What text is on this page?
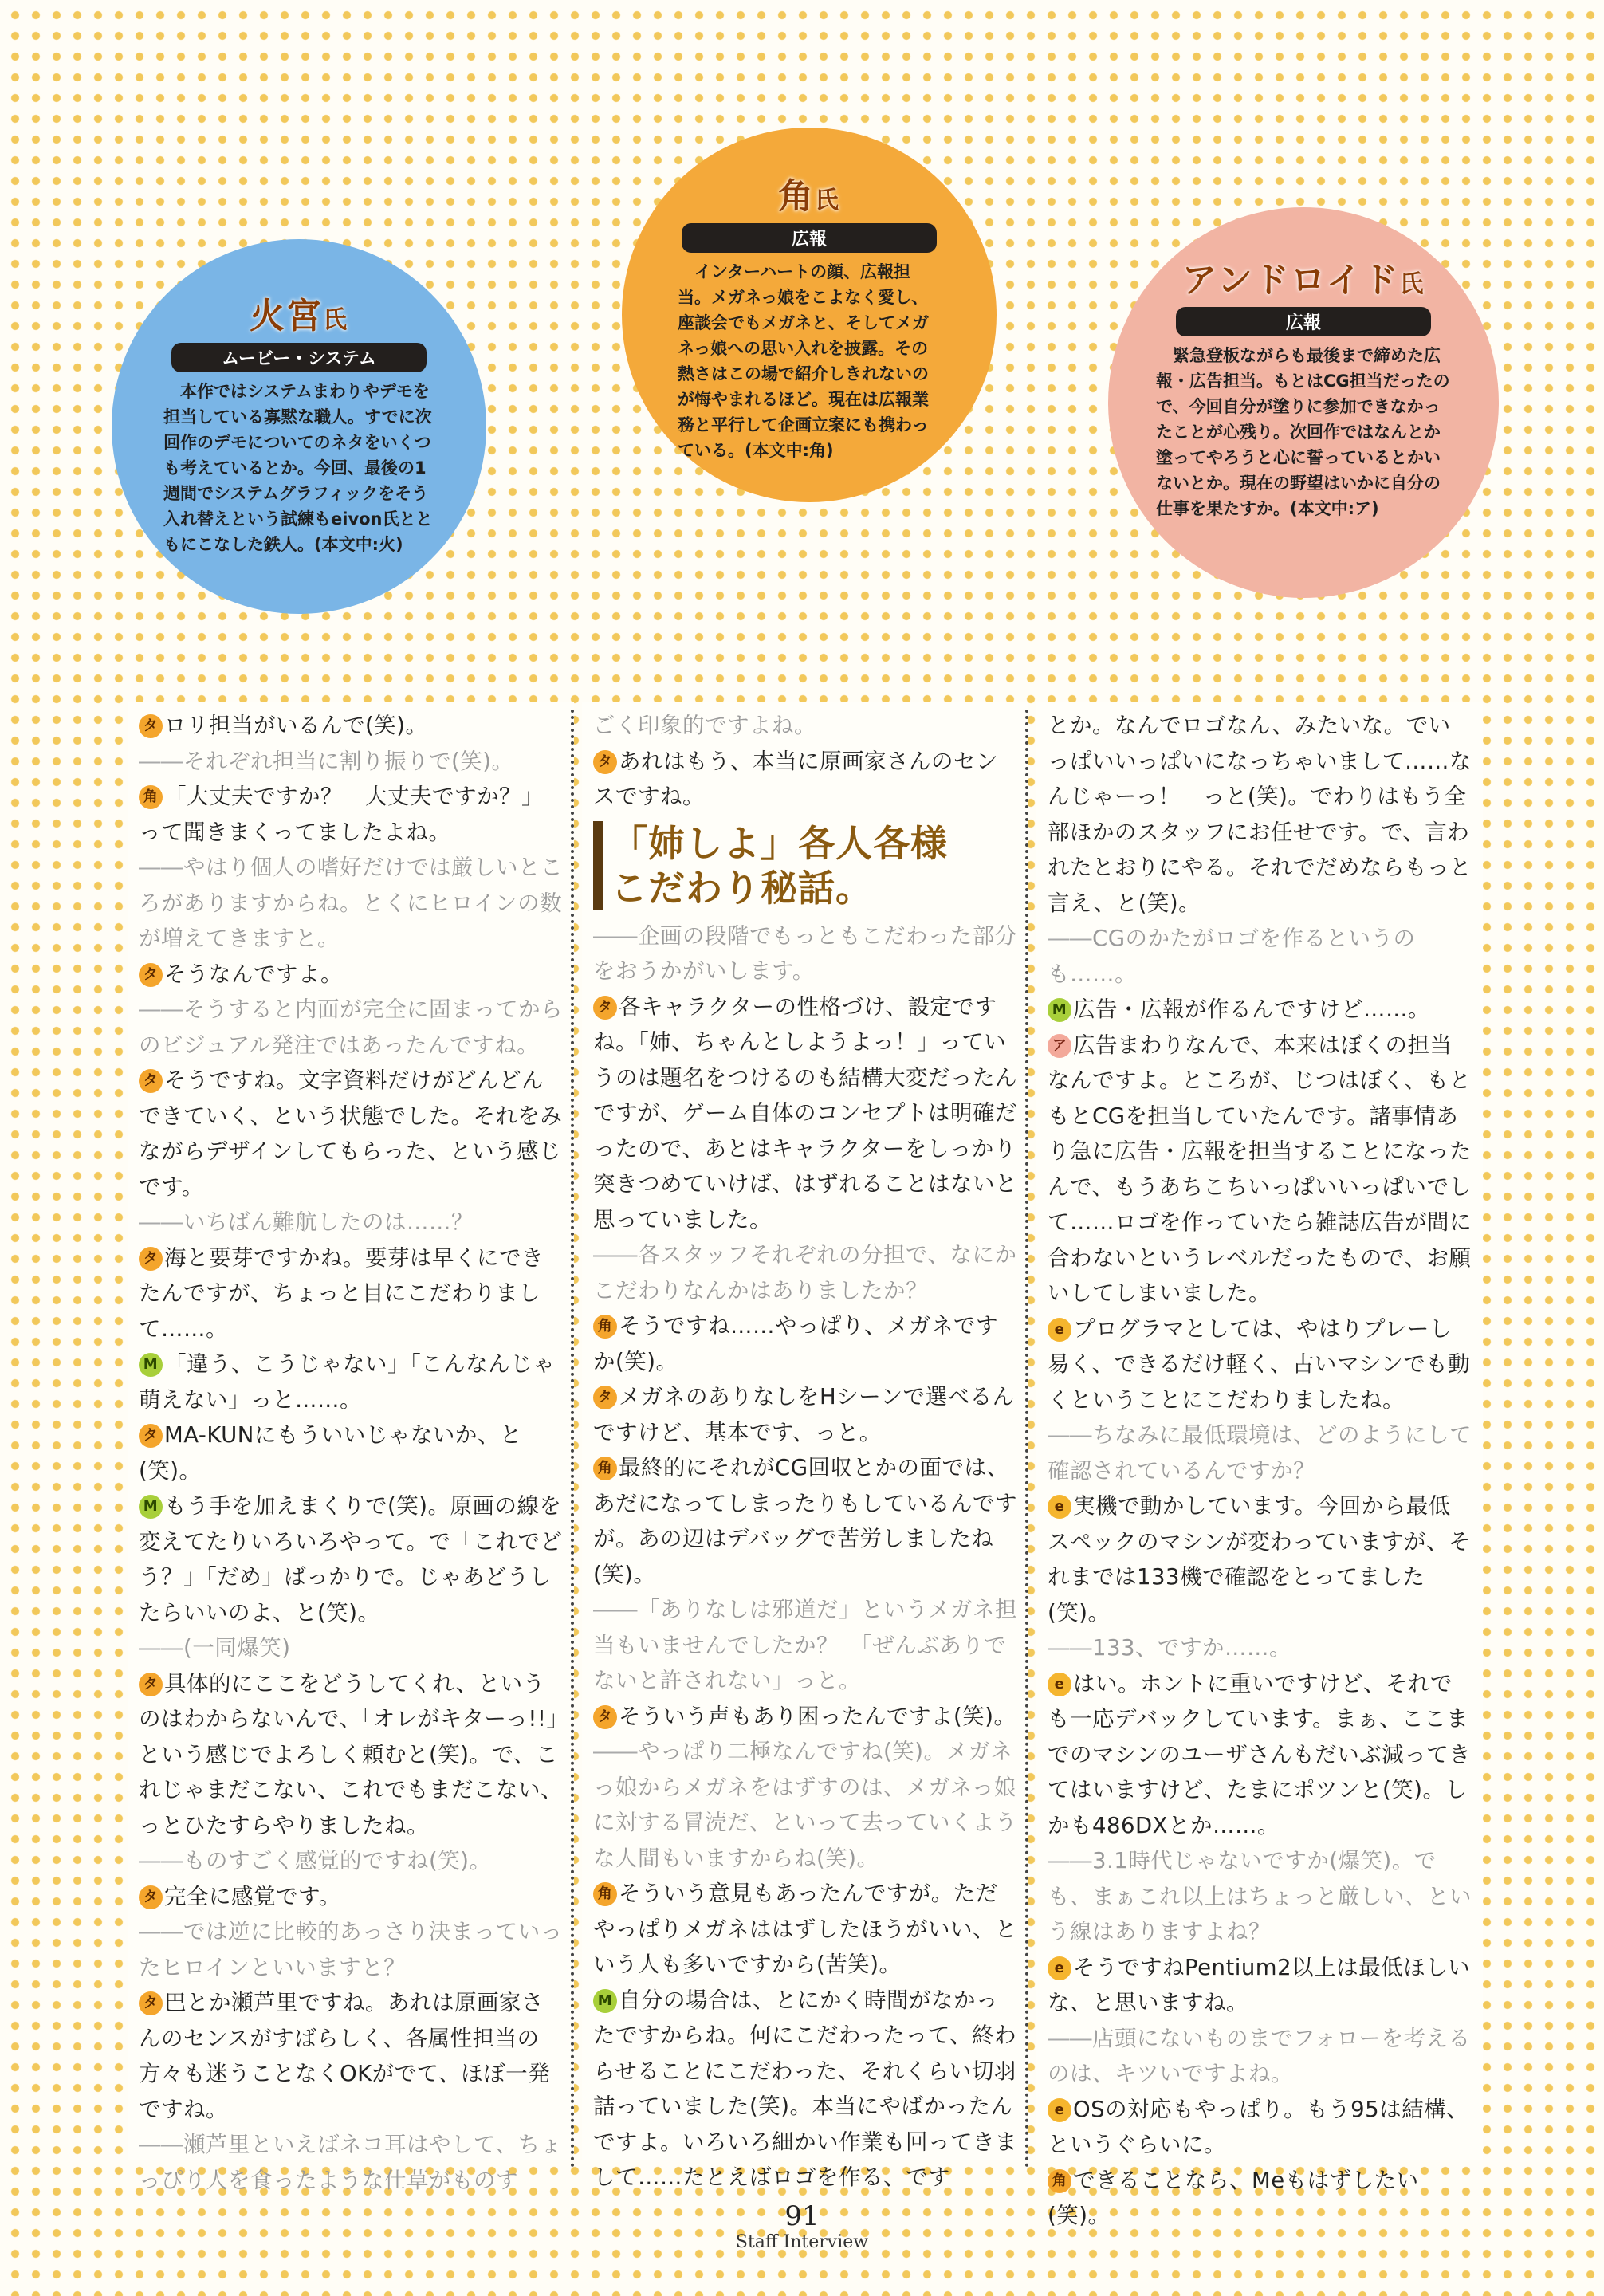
火宮氏
ムービー・システム
本作ではシステムまわりやデモを担当している寡黙な職人。すでに次回作のデモについてのネタをいくつも考えているとか。今回、最後の1週間でシステムグラフィックをそう入れ替えという試練もeivon氏とともにこなした鉄人。(本文中:火)
角氏
広報
インターハートの顔、広報担当。メガネっ娘をこよなく愛し、座談会でもメガネと、そしてメガネっ娘への思い入れを披露。その熱さはこの場で紹介しきれないのが悔やまれるほど。現在は広報業務と平行して企画立案にも携わっている。(本文中:角)
アンドロイド氏
広報
緊急登板ながらも最後まで締めた広報・広告担当。もとはCG担当だったので、今回自分が塗りに参加できなかったことが心残り。次回作ではなんとか塗ってやろうと心に誓っているとかいないとか。現在の野望はいかに自分の仕事を果たすか。(本文中:ア)

タ ロリ担当がいるんで(笑)。

――それぞれ担当に割り振りで(笑)。

角 「大丈夫ですか？　大丈夫ですか？」って聞きまくってましたよね。

――やはり個人の嗜好だけでは厳しいところがありますからね。とくにヒロインの数が増えてきますと。

タ そうなんですよ。

――そうすると内面が完全に固まってからのビジュアル発注ではあったんですね。

タ そうですね。文字資料だけがどんどんできていく、という状態でした。それをみながらデザインしてもらった、という感じです。

――いちばん難航したのは……？

タ 海と要芽ですかね。要芽は早くにできたんですが、ちょっと目にこだわりまして……。

M 「違う、こうじゃない」「こんなんじゃ萌えない」っと……。

タ MA-KUNにもういいじゃないか、と(笑)。

M もう手を加えまくりで(笑)。原画の線を変えてたりいろいろやって。で「これでどう？」「だめ」ばっかりで。じゃあどうしたらいいのよ、と(笑)。

――(一同爆笑)

タ 具体的にここをどうしてくれ、というのはわからないんで、「オレがキターっ!!」という感じでよろしく頼むと(笑)。で、これじゃまだこない、これでもまだこない、っとひたすらやりましたね。

――ものすごく感覚的ですね(笑)。

タ 完全に感覚です。

――では逆に比較的あっさり決まっていったヒロインといいますと？

タ 巴とか瀬芦里ですね。あれは原画家さんのセンスがすばらしく、各属性担当の方々も迷うことなくOKがでて、ほぼ一発ですね。

――瀬芦里といえばネコ耳はやして、ちょっぴり人を食ったような仕草がものす

ごく印象的ですよね。

タ あれはもう、本当に原画家さんのセンスですね。

「姉しよ」各人各様
こだわり秘話。

――企画の段階でもっともこだわった部分をおうかがいします。

タ 各キャラクターの性格づけ、設定ですね。「姉、ちゃんとしようよっ！」っていうのは題名をつけるのも結構大変だったんですが、ゲーム自体のコンセプトは明確だったので、あとはキャラクターをしっかり突きつめていけば、はずれることはないと思っていました。

――各スタッフそれぞれの分担で、なにかこだわりなんかはありましたか？

角 そうですね……やっぱり、メガネですか(笑)。

タ メガネのありなしをHシーンで選べるんですけど、基本です、っと。

角 最終的にそれがCG回収とかの面では、あだになってしまったりもしているんですが。あの辺はデバッグで苦労しましたね(笑)。

――「ありなしは邪道だ」というメガネ担当もいませんでしたか？　「ぜんぶありでないと許されない」っと。

タ そういう声もあり困ったんですよ(笑)。

――やっぱり二極なんですね(笑)。メガネっ娘からメガネをはずすのは、メガネっ娘に対する冒涜だ、といって去っていくような人間もいますからね(笑)。

角 そういう意見もあったんですが。ただやっぱりメガネははずしたほうがいい、という人も多いですから(苦笑)。

M 自分の場合は、とにかく時間がなかったですからね。何にこだわったって、終わらせることにこだわった、それくらい切羽詰っていました(笑)。本当にやばかったんですよ。いろいろ細かい作業も回ってきまして……たとえばロゴを作る、です

とか。なんでロゴなん、みたいな。でいっぱいいっぱいになっちゃいまして……なんじゃーっ！　っと(笑)。でわりはもう全部ほかのスタッフにお任せです。で、言われたとおりにやる。それでだめならもっと言え、と(笑)。

――CGのかたがロゴを作るというのも……。

M 広告・広報が作るんですけど……。

ア 広告まわりなんで、本来はぼくの担当なんですよ。ところが、じつはぼく、もともとCGを担当していたんです。諸事情あり急に広告・広報を担当することになったんで、もうあちこちいっぱいいっぱいでして……ロゴを作っていたら雑誌広告が間に合わないというレベルだったもので、お願いしてしまいました。

e プログラマとしては、やはりプレーし易く、できるだけ軽く、古いマシンでも動くということにこだわりましたね。

――ちなみに最低環境は、どのようにして確認されているんですか？

e 実機で動かしています。今回から最低スペックのマシンが変わっていますが、それまでは133機で確認をとってました(笑)。

――133、ですか……。

e はい。ホントに重いですけど、それでも一応デバックしています。まぁ、ここまでのマシンのユーザさんもだいぶ減ってきてはいますけど、たまにポツンと(笑)。しかも486DXとか……。

――3.1時代じゃないですか(爆笑)。でも、まぁこれ以上はちょっと厳しい、という線はありますよね？

e そうですねPentium2以上は最低ほしいな、と思いますね。

――店頭にないものまでフォローを考えるのは、キツいですよね。

e OSの対応もやっぱり。もう95は結構、というぐらいに。

角 できることなら、Meもはずしたい(笑)。

91
Staff Interview
